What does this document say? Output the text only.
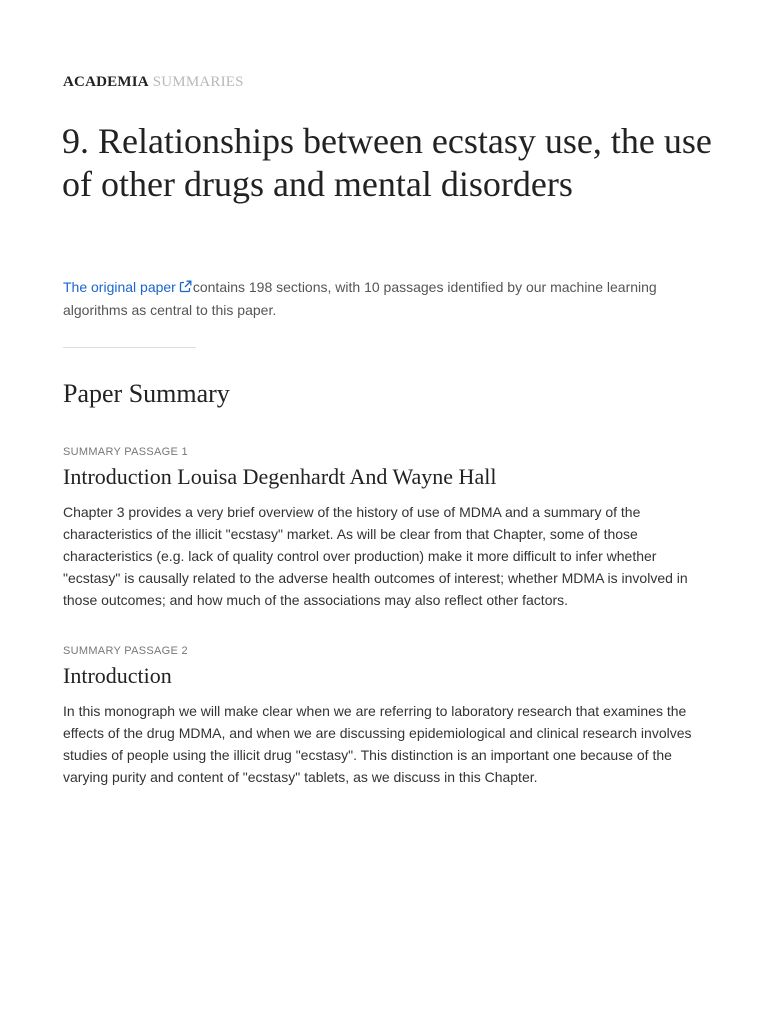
ACADEMIA SUMMARIES
9. Relationships between ecstasy use, the use of other drugs and mental disorders
The original paper contains 198 sections, with 10 passages identified by our machine learning algorithms as central to this paper.
Paper Summary
SUMMARY PASSAGE 1
Introduction Louisa Degenhardt And Wayne Hall

Chapter 3 provides a very brief overview of the history of use of MDMA and a summary of the characteristics of the illicit "ecstasy" market. As will be clear from that Chapter, some of those characteristics (e.g. lack of quality control over production) make it more difficult to infer whether "ecstasy" is causally related to the adverse health outcomes of interest; whether MDMA is involved in those outcomes; and how much of the associations may also reflect other factors.

SUMMARY PASSAGE 2
Introduction

In this monograph we will make clear when we are referring to laboratory research that examines the effects of the drug MDMA, and when we are discussing epidemiological and clinical research involves studies of people using the illicit drug "ecstasy". This distinction is an important one because of the varying purity and content of "ecstasy" tablets, as we discuss in this Chapter.
